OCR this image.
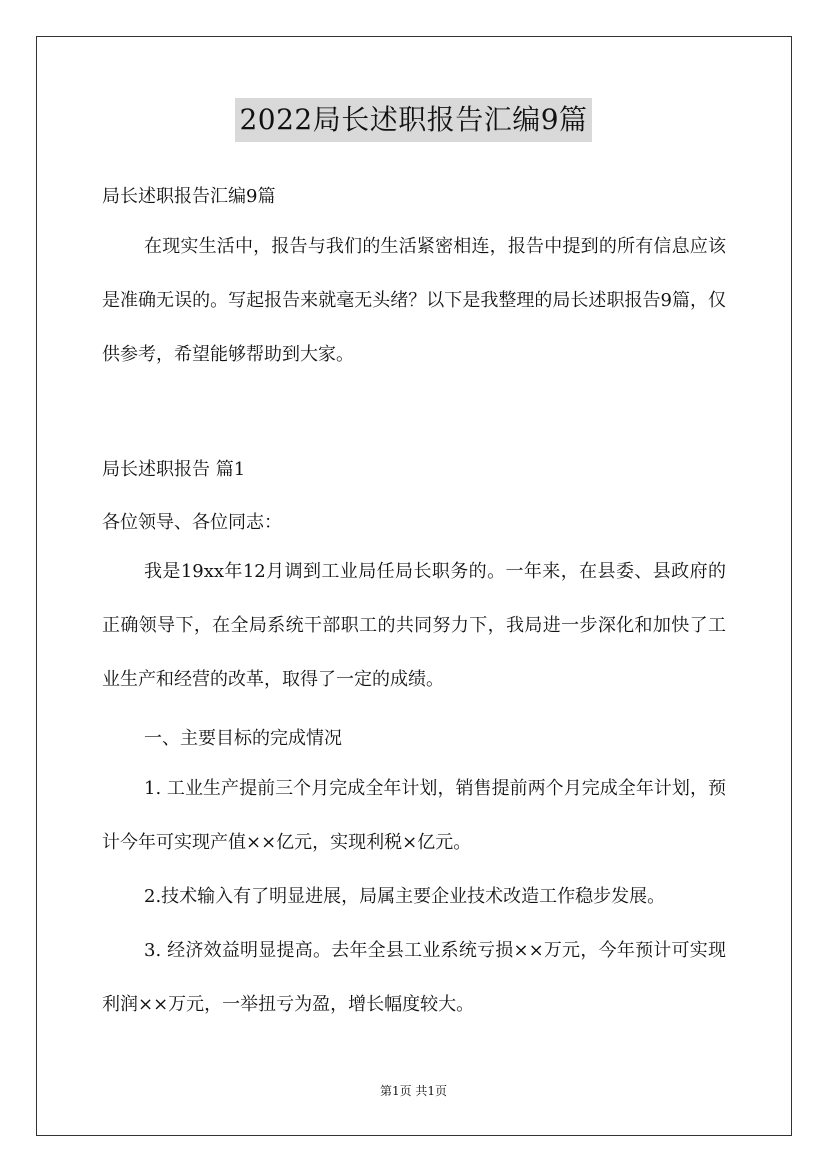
2022局长述职报告汇编9篇
局长述职报告汇编9篇
在现实生活中，报告与我们的生活紧密相连，报告中提到的所有信息应该是准确无误的。写起报告来就毫无头绪？以下是我整理的局长述职报告9篇，仅供参考，希望能够帮助到大家。
局长述职报告 篇1
各位领导、各位同志：
我是19xx年12月调到工业局任局长职务的。一年来，在县委、县政府的正确领导下，在全局系统干部职工的共同努力下，我局进一步深化和加快了工业生产和经营的改革，取得了一定的成绩。
一、主要目标的完成情况
1. 工业生产提前三个月完成全年计划，销售提前两个月完成全年计划，预计今年可实现产值××亿元，实现利税×亿元。
2.技术输入有了明显进展，局属主要企业技术改造工作稳步发展。
3. 经济效益明显提高。去年全县工业系统亏损××万元，今年预计可实现利润××万元，一举扭亏为盈，增长幅度较大。
第1页 共1页
